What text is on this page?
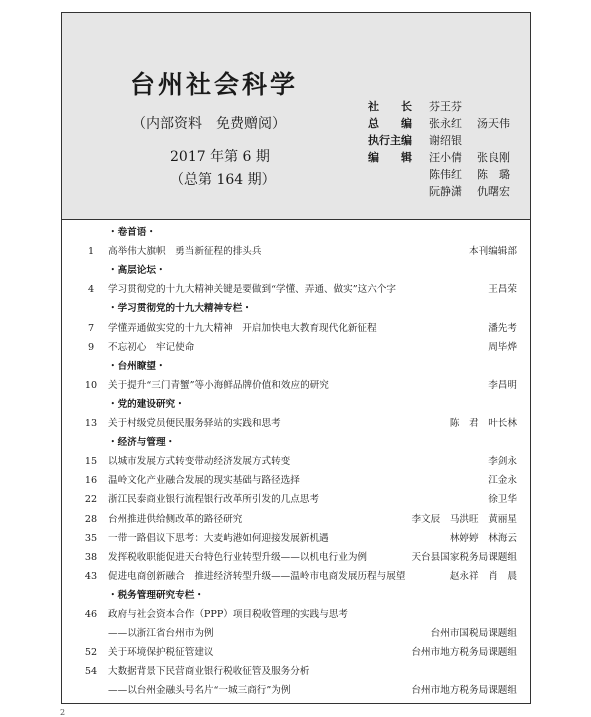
台州社会科学
（内部资料　免费赠阅）
2017 年第 6 期
（总第 164 期）
社　　长	芬王芬
总　　编	张永红	汤天伟
执行主编	谢绍银
编　　辑	汪小倩	张良刚
陈伟红	陈　璐
阮静潇	仇曙宏
・卷首语・
1	高举伟大旗帜　勇当新征程的排头兵	本刊编辑部
・高层论坛・
4	学习贯彻党的十九大精神关键是要做到“学懂、弄通、做实”这六个字	王昌荣
・学习贯彻党的十九大精神专栏・
7	学懂弄通做实党的十九大精神　开启加快电大教育现代化新征程	潘先考
9	不忘初心　牢记使命	周毕烨
・台州瞭望・
10	关于提升“三门青蟹”等小海鲜品牌价值和效应的研究	李昌明
・党的建设研究・
13	关于村级党员便民服务驿站的实践和思考	陈　君　叶长林
・经济与管理・
15	以城市发展方式转变带动经济发展方式转变	李剑永
16	温岭文化产业融合发展的现实基础与路径选择	江金永
22	浙江民泰商业银行流程银行改革所引发的几点思考	徐卫华
28	台州推进供给侧改革的路径研究	李文辰　马洪旺　黄丽星
35	一带一路倡议下思考：大麦屿港如何迎接发展新机遇	林婷婷　林海云
38	发挥税收职能促进天台特色行业转型升级——以机电行业为例	天台县国家税务局课题组
43	促进电商创新融合　推进经济转型升级——温岭市电商发展历程与展望	赵永祥　肖　晨
・税务管理研究专栏・
46	政府与社会资本合作（PPP）项目税收管理的实践与思考
——以浙江省台州市为例	台州市国税局课题组
52	关于环境保护税征管建议	台州市地方税务局课题组
54	大数据背景下民营商业银行税收征管及服务分析
——以台州金融头号名片“一城三商行”为例	台州市地方税务局课题组
2
